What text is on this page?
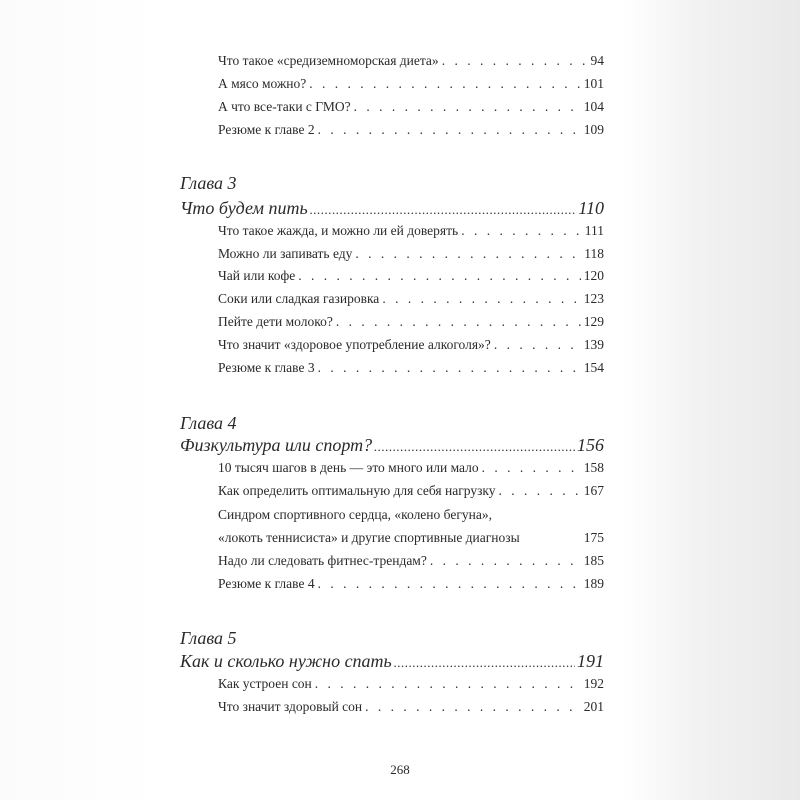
Что такое «средиземноморская диета» . . .	94
А мясо можно? . . .	101
А что все-таки с ГМО? . . .	104
Резюме к главе 2 . . .	109
Глава 3
Что будем пить .....	110
Что такое жажда, и можно ли ей доверять . . .	111
Можно ли запивать еду . . .	118
Чай или кофе . . .	120
Соки или сладкая газировка . . .	123
Пейте дети молоко? . . .	129
Что значит «здоровое употребление алкоголя»? . . .	139
Резюме к главе 3 . . .	154
Глава 4
Физкультура или спорт? .....	156
10 тысяч шагов в день — это много или мало . . .	158
Как определить оптимальную для себя нагрузку . . .	167
Синдром спортивного сердца, «колено бегуна»,
«локоть теннисиста» и другие спортивные диагнозы	175
Надо ли следовать фитнес-трендам? . . .	185
Резюме к главе 4 . . .	189
Глава 5
Как и сколько нужно спать .....	191
Как устроен сон . . .	192
Что значит здоровый сон . . .	201
268
